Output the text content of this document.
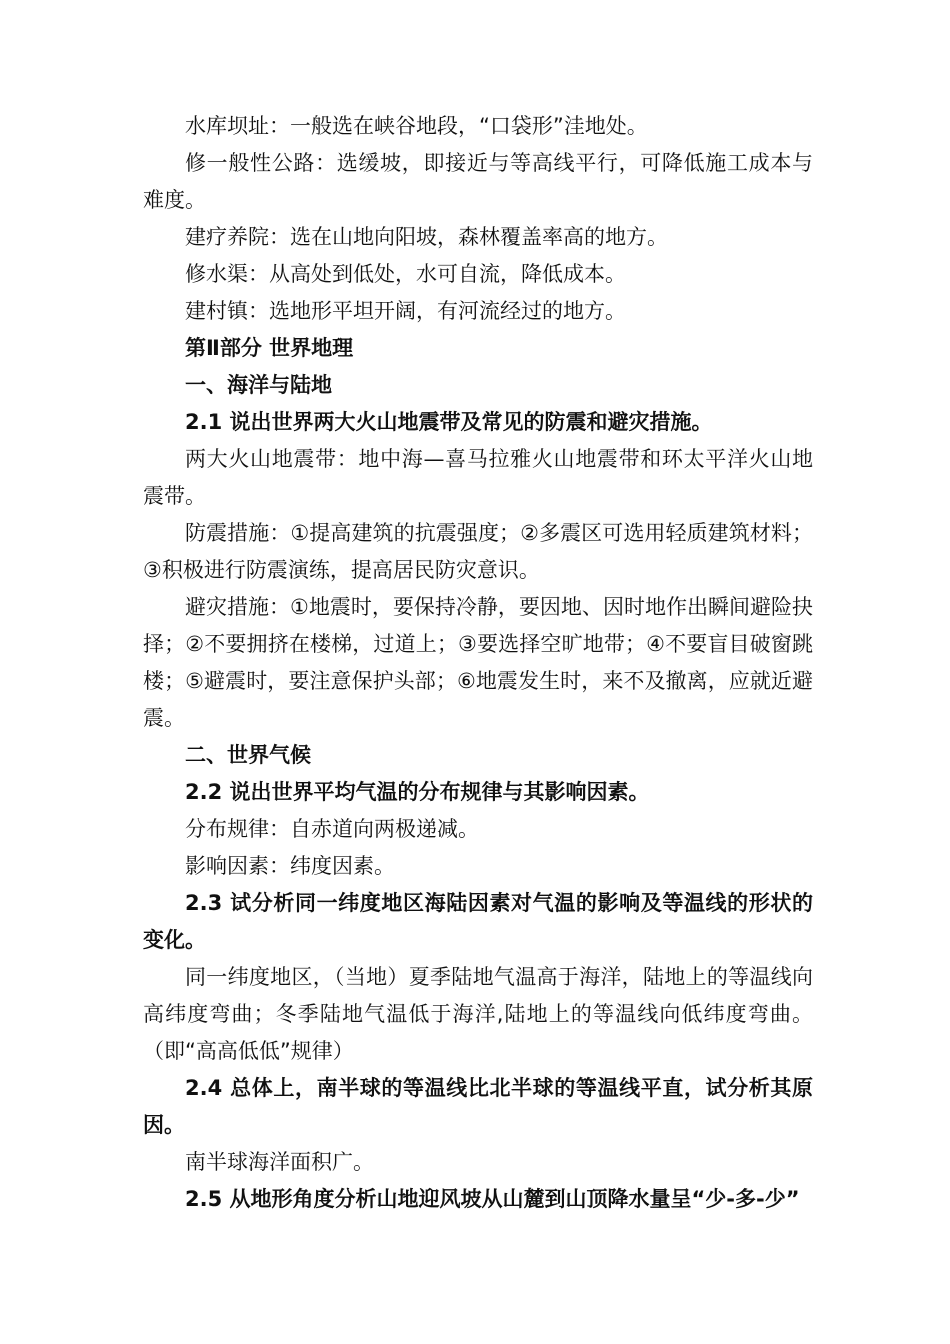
水库坝址：一般选在峡谷地段，“口袋形”洼地处。

修一般性公路：选缓坡，即接近与等高线平行，可降低施工成本与难度。

建疗养院：选在山地向阳坡，森林覆盖率高的地方。

修水渠：从高处到低处，水可自流，降低成本。

建村镇：选地形平坦开阔，有河流经过的地方。

第Ⅱ部分 世界地理

一、海洋与陆地

2.1 说出世界两大火山地震带及常见的防震和避灾措施。

两大火山地震带：地中海—喜马拉雅火山地震带和环太平洋火山地震带。

防震措施：①提高建筑的抗震强度；②多震区可选用轻质建筑材料；③积极进行防震演练，提高居民防灾意识。

避灾措施：①地震时，要保持冷静，要因地、因时地作出瞬间避险抉择；②不要拥挤在楼梯，过道上；③要选择空旷地带；④不要盲目破窗跳楼；⑤避震时，要注意保护头部；⑥地震发生时，来不及撤离，应就近避震。

二、世界气候

2.2 说出世界平均气温的分布规律与其影响因素。

分布规律：自赤道向两极递减。

影响因素：纬度因素。

2.3 试分析同一纬度地区海陆因素对气温的影响及等温线的形状的变化。

同一纬度地区，（当地）夏季陆地气温高于海洋，陆地上的等温线向高纬度弯曲；冬季陆地气温低于海洋,陆地上的等温线向低纬度弯曲。（即“高高低低”规律）

2.4 总体上，南半球的等温线比北半球的等温线平直，试分析其原因。

南半球海洋面积广。

2.5 从地形角度分析山地迎风坡从山麓到山顶降水量呈“少-多-少”
